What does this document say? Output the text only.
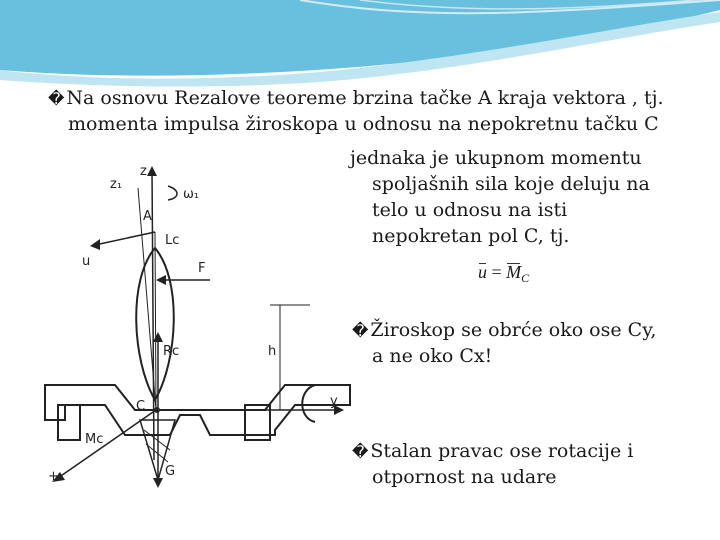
� Na osnovu Rezalove teoreme brzina tačke A kraja vektora , tj.
momenta impulsa žiroskopa u odnosu na nepokretnu tačku C
jednaka je ukupnom momentu
spoljašnih sila koje deluju na
telo u odnosu na isti
nepokretan pol C, tj.
$u = M_C$
� Žiroskop se obrće oko ose Cy,
a ne oko Cx!
� Stalan pravac ose rotacije i
otpornost na udare
z₁
z
ω₁
A
Lc
u	F
h
Rc
C	y
Mc
+	G
